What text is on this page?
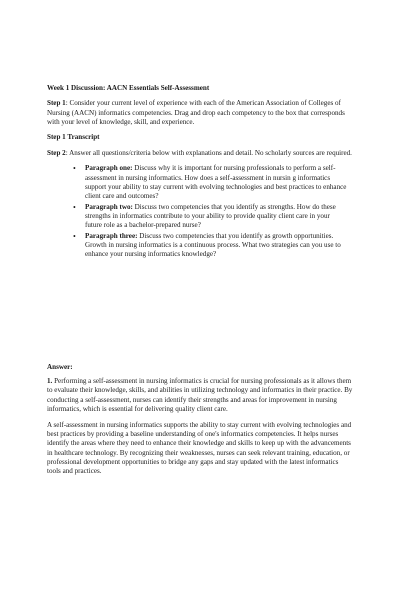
Week 1 Discussion: AACN Essentials Self-Assessment

Step 1: Consider your current level of experience with each of the American Association of Colleges of Nursing (AACN) informatics competencies. Drag and drop each competency to the box that corresponds with your level of knowledge, skill, and experience.

Step 1 Transcript

Step 2: Answer all questions/criteria below with explanations and detail. No scholarly sources are required.

• Paragraph one: Discuss why it is important for nursing professionals to perform a self-assessment in nursing informatics. How does a self-assessment in nursin g informatics support your ability to stay current with evolving technologies and best practices to enhance client care and outcomes?
• Paragraph two: Discuss two competencies that you identify as strengths. How do these strengths in informatics contribute to your ability to provide quality client care in your future role as a bachelor-prepared nurse?
• Paragraph three: Discuss two competencies that you identify as growth opportunities. Growth in nursing informatics is a continuous process. What two strategies can you use to enhance your nursing informatics knowledge?

Answer:

1. Performing a self-assessment in nursing informatics is crucial for nursing professionals as it allows them to evaluate their knowledge, skills, and abilities in utilizing technology and informatics in their practice. By conducting a self-assessment, nurses can identify their strengths and areas for improvement in nursing informatics, which is essential for delivering quality client care.

A self-assessment in nursing informatics supports the ability to stay current with evolving technologies and best practices by providing a baseline understanding of one's informatics competencies. It helps nurses identify the areas where they need to enhance their knowledge and skills to keep up with the advancements in healthcare technology. By recognizing their weaknesses, nurses can seek relevant training, education, or professional development opportunities to bridge any gaps and stay updated with the latest informatics tools and practices.
